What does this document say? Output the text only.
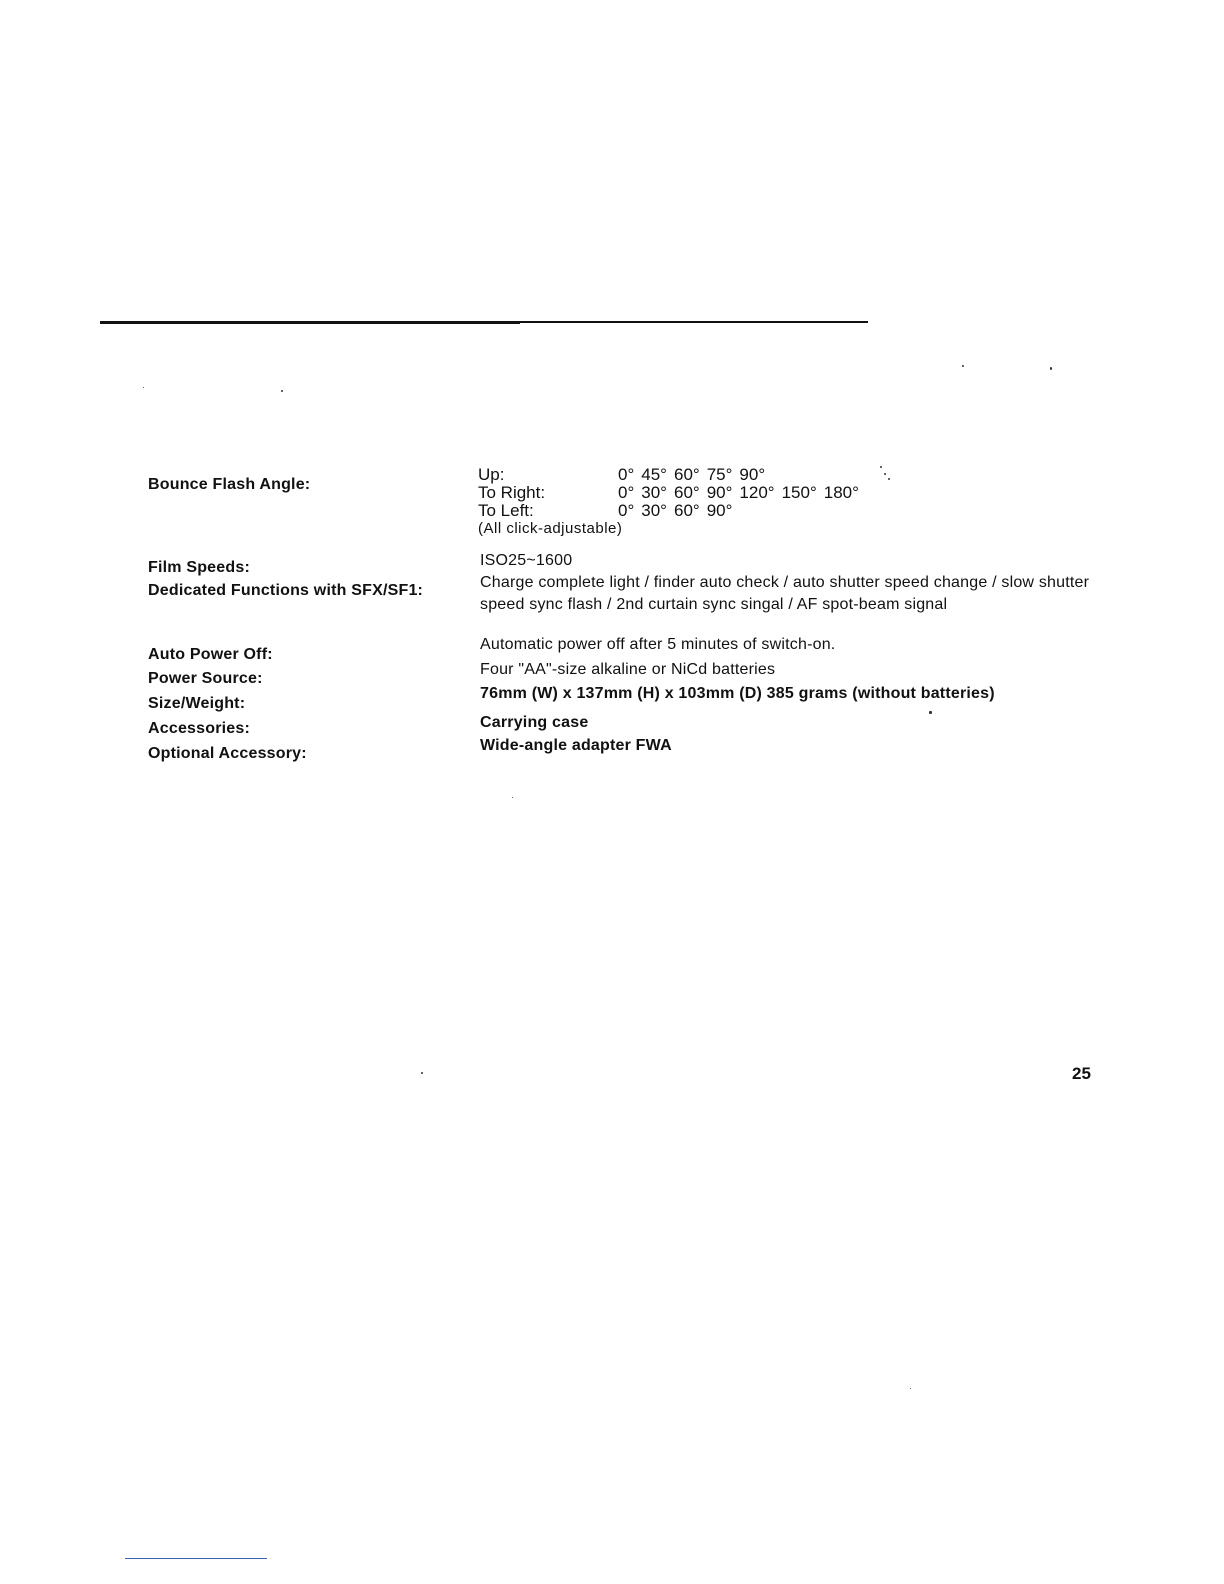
Bounce Flash Angle:
Up:	0° 45° 60° 75° 90°
To Right:	0° 30° 60° 90° 120° 150° 180°
To Left:	0° 30° 60° 90°
(All click-adjustable)
Film Speeds:	ISO25~1600
Dedicated Functions with SFX/SF1:	Charge complete light / finder auto check / auto shutter speed change / slow shutter speed sync flash / 2nd curtain sync singal / AF spot-beam signal
Auto Power Off:
Automatic power off after 5 minutes of switch-on.
Power Source:
Four "AA"-size alkaline or NiCd batteries
Size/Weight:
76mm (W) x 137mm (H) x 103mm (D) 385 grams (without batteries)
Accessories:	Carrying case
Optional Accessory:	Wide-angle adapter FWA
25
